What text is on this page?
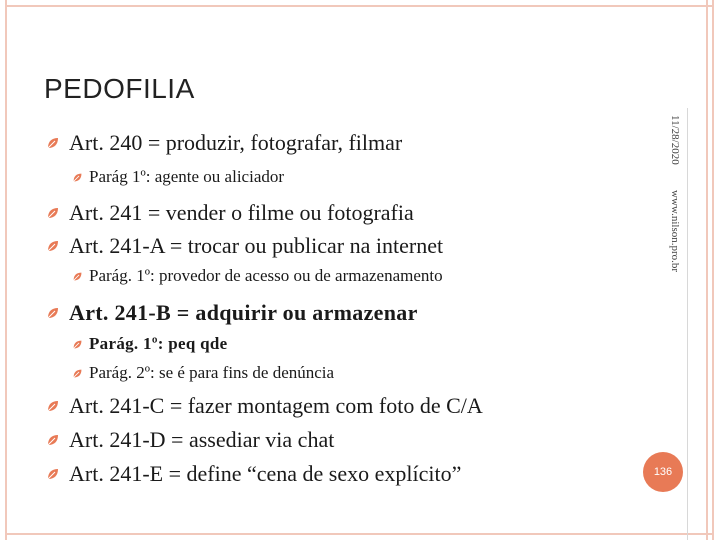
PEDOFILIA
Art. 240 = produzir, fotografar, filmar
Parág 1º: agente ou aliciador
Art. 241 = vender o filme ou fotografia
Art. 241-A = trocar ou publicar na internet
Parág. 1º: provedor de acesso ou de armazenamento
Art. 241-B = adquirir ou armazenar
Parág. 1º: peq qde
Parág. 2º: se é para fins de denúncia
Art. 241-C = fazer montagem com foto de C/A
Art. 241-D = assediar via chat
Art. 241-E = define “cena de sexo explícito”
11/28/2020
www.nilson.pro.br
136
